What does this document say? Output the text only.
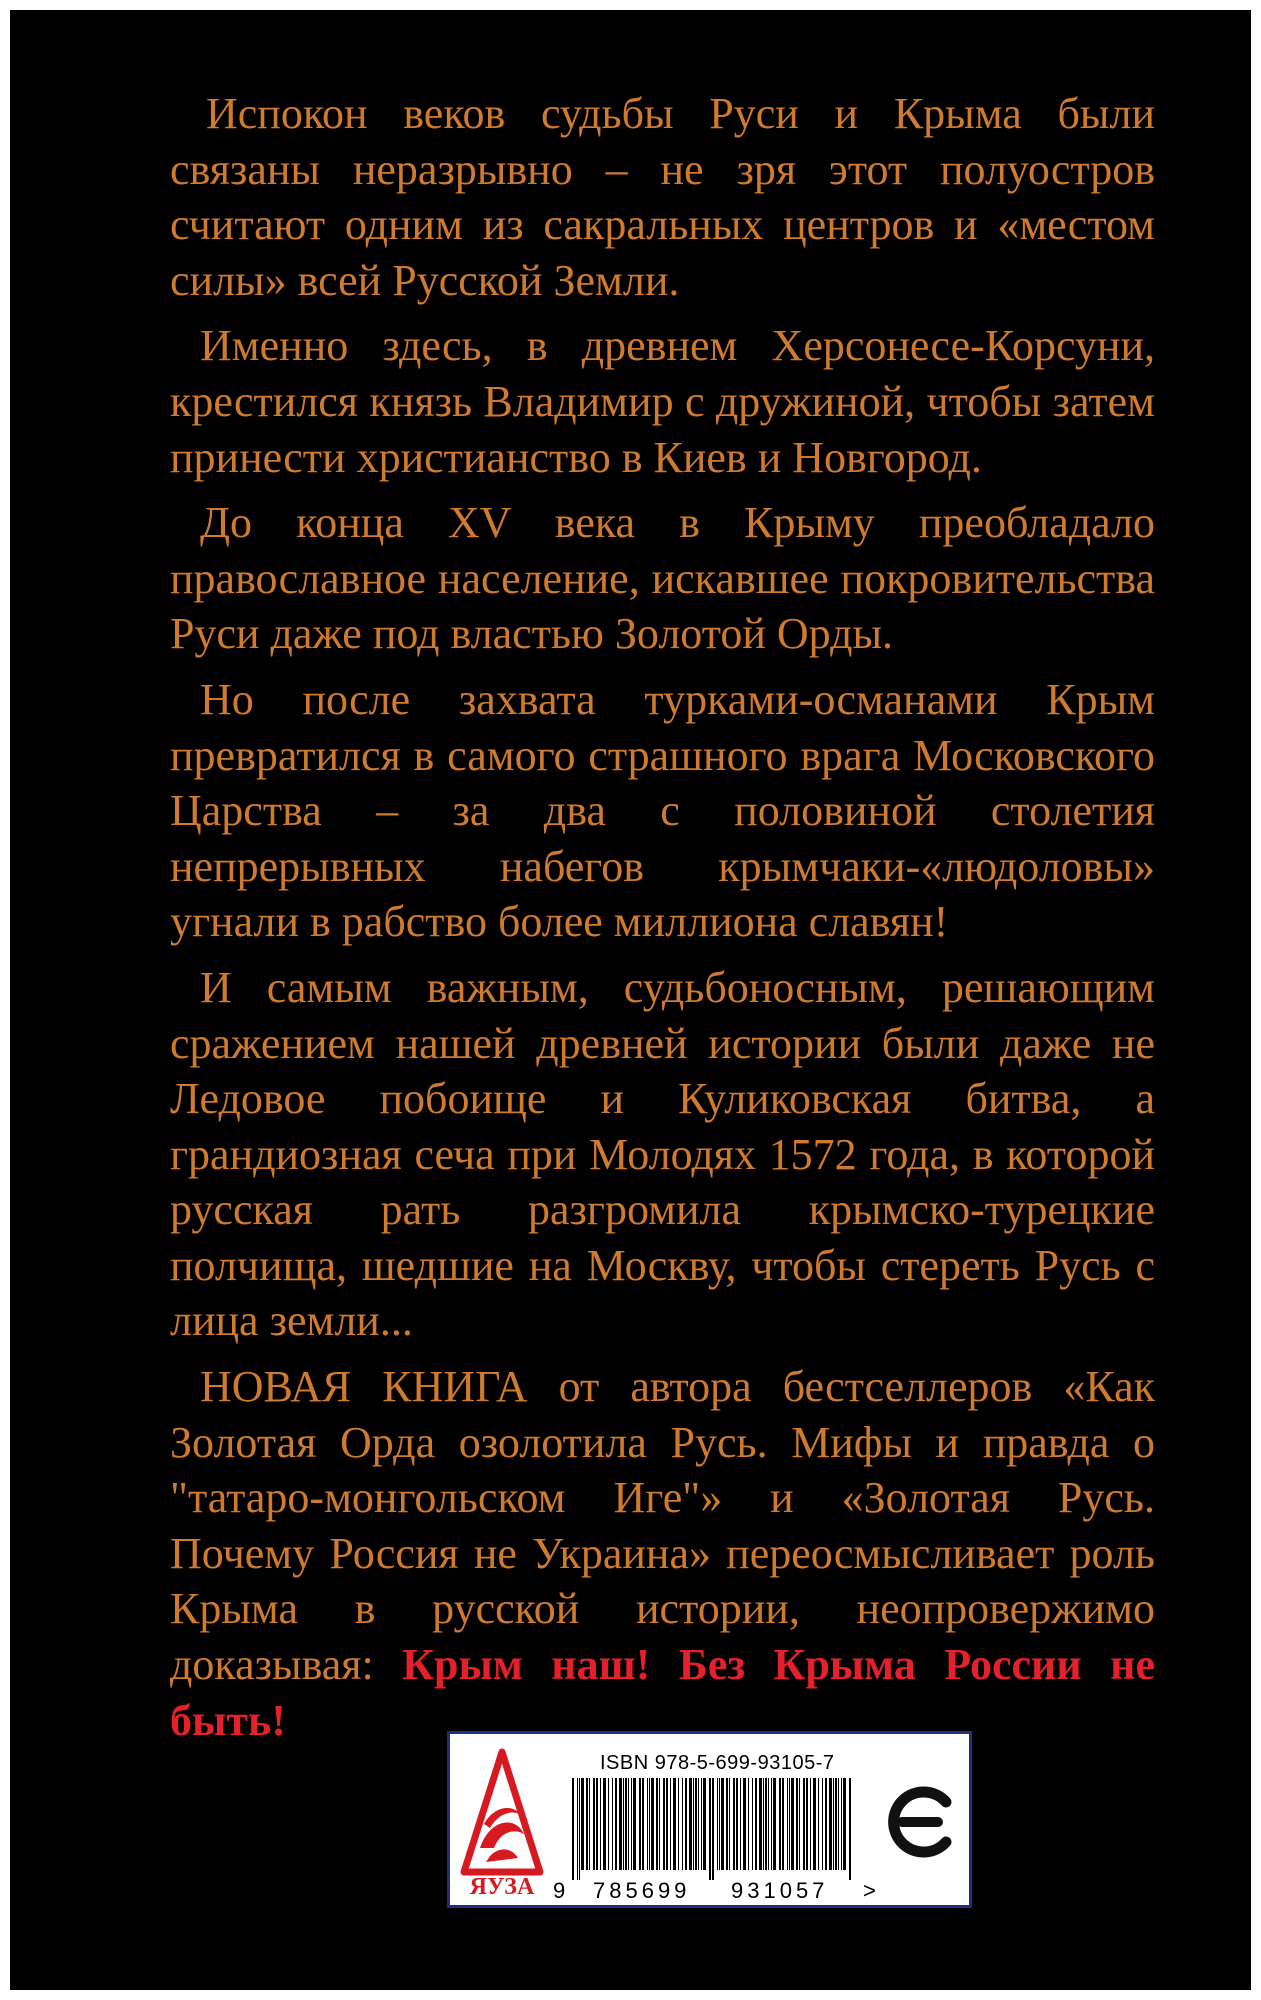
Испокон веков судьбы Руси и Крыма были связаны неразрывно – не зря этот полуостров считают одним из сакральных центров и «местом силы» всей Русской Земли.

Именно здесь, в древнем Херсонесе-Корсуни, крестился князь Владимир с дружиной, чтобы затем принести христианство в Киев и Новгород.

До конца XV века в Крыму преобладало православное население, искавшее покровительства Руси даже под властью Золотой Орды.

Но после захвата турками-османами Крым превратился в самого страшного врага Московского Царства – за два с половиной столетия непрерывных набегов крымчаки-«людоловы» угнали в рабство более миллиона славян!

И самым важным, судьбоносным, решающим сражением нашей древней истории были даже не Ледовое побоище и Куликовская битва, а грандиозная сеча при Молодях 1572 года, в которой русская рать разгромила крымско-турецкие полчища, шедшие на Москву, чтобы стереть Русь с лица земли...

НОВАЯ КНИГА от автора бестселлеров «Как Золотая Орда озолотила Русь. Мифы и правда о "татаро-монгольском Иге"» и «Золотая Русь. Почему Россия не Украина» переосмысливает роль Крыма в русской истории, неопровержимо доказывая: Крым наш! Без Крыма России не быть!

ЯУЗА
ISBN 978-5-699-93105-7
9 785699 931057 >
